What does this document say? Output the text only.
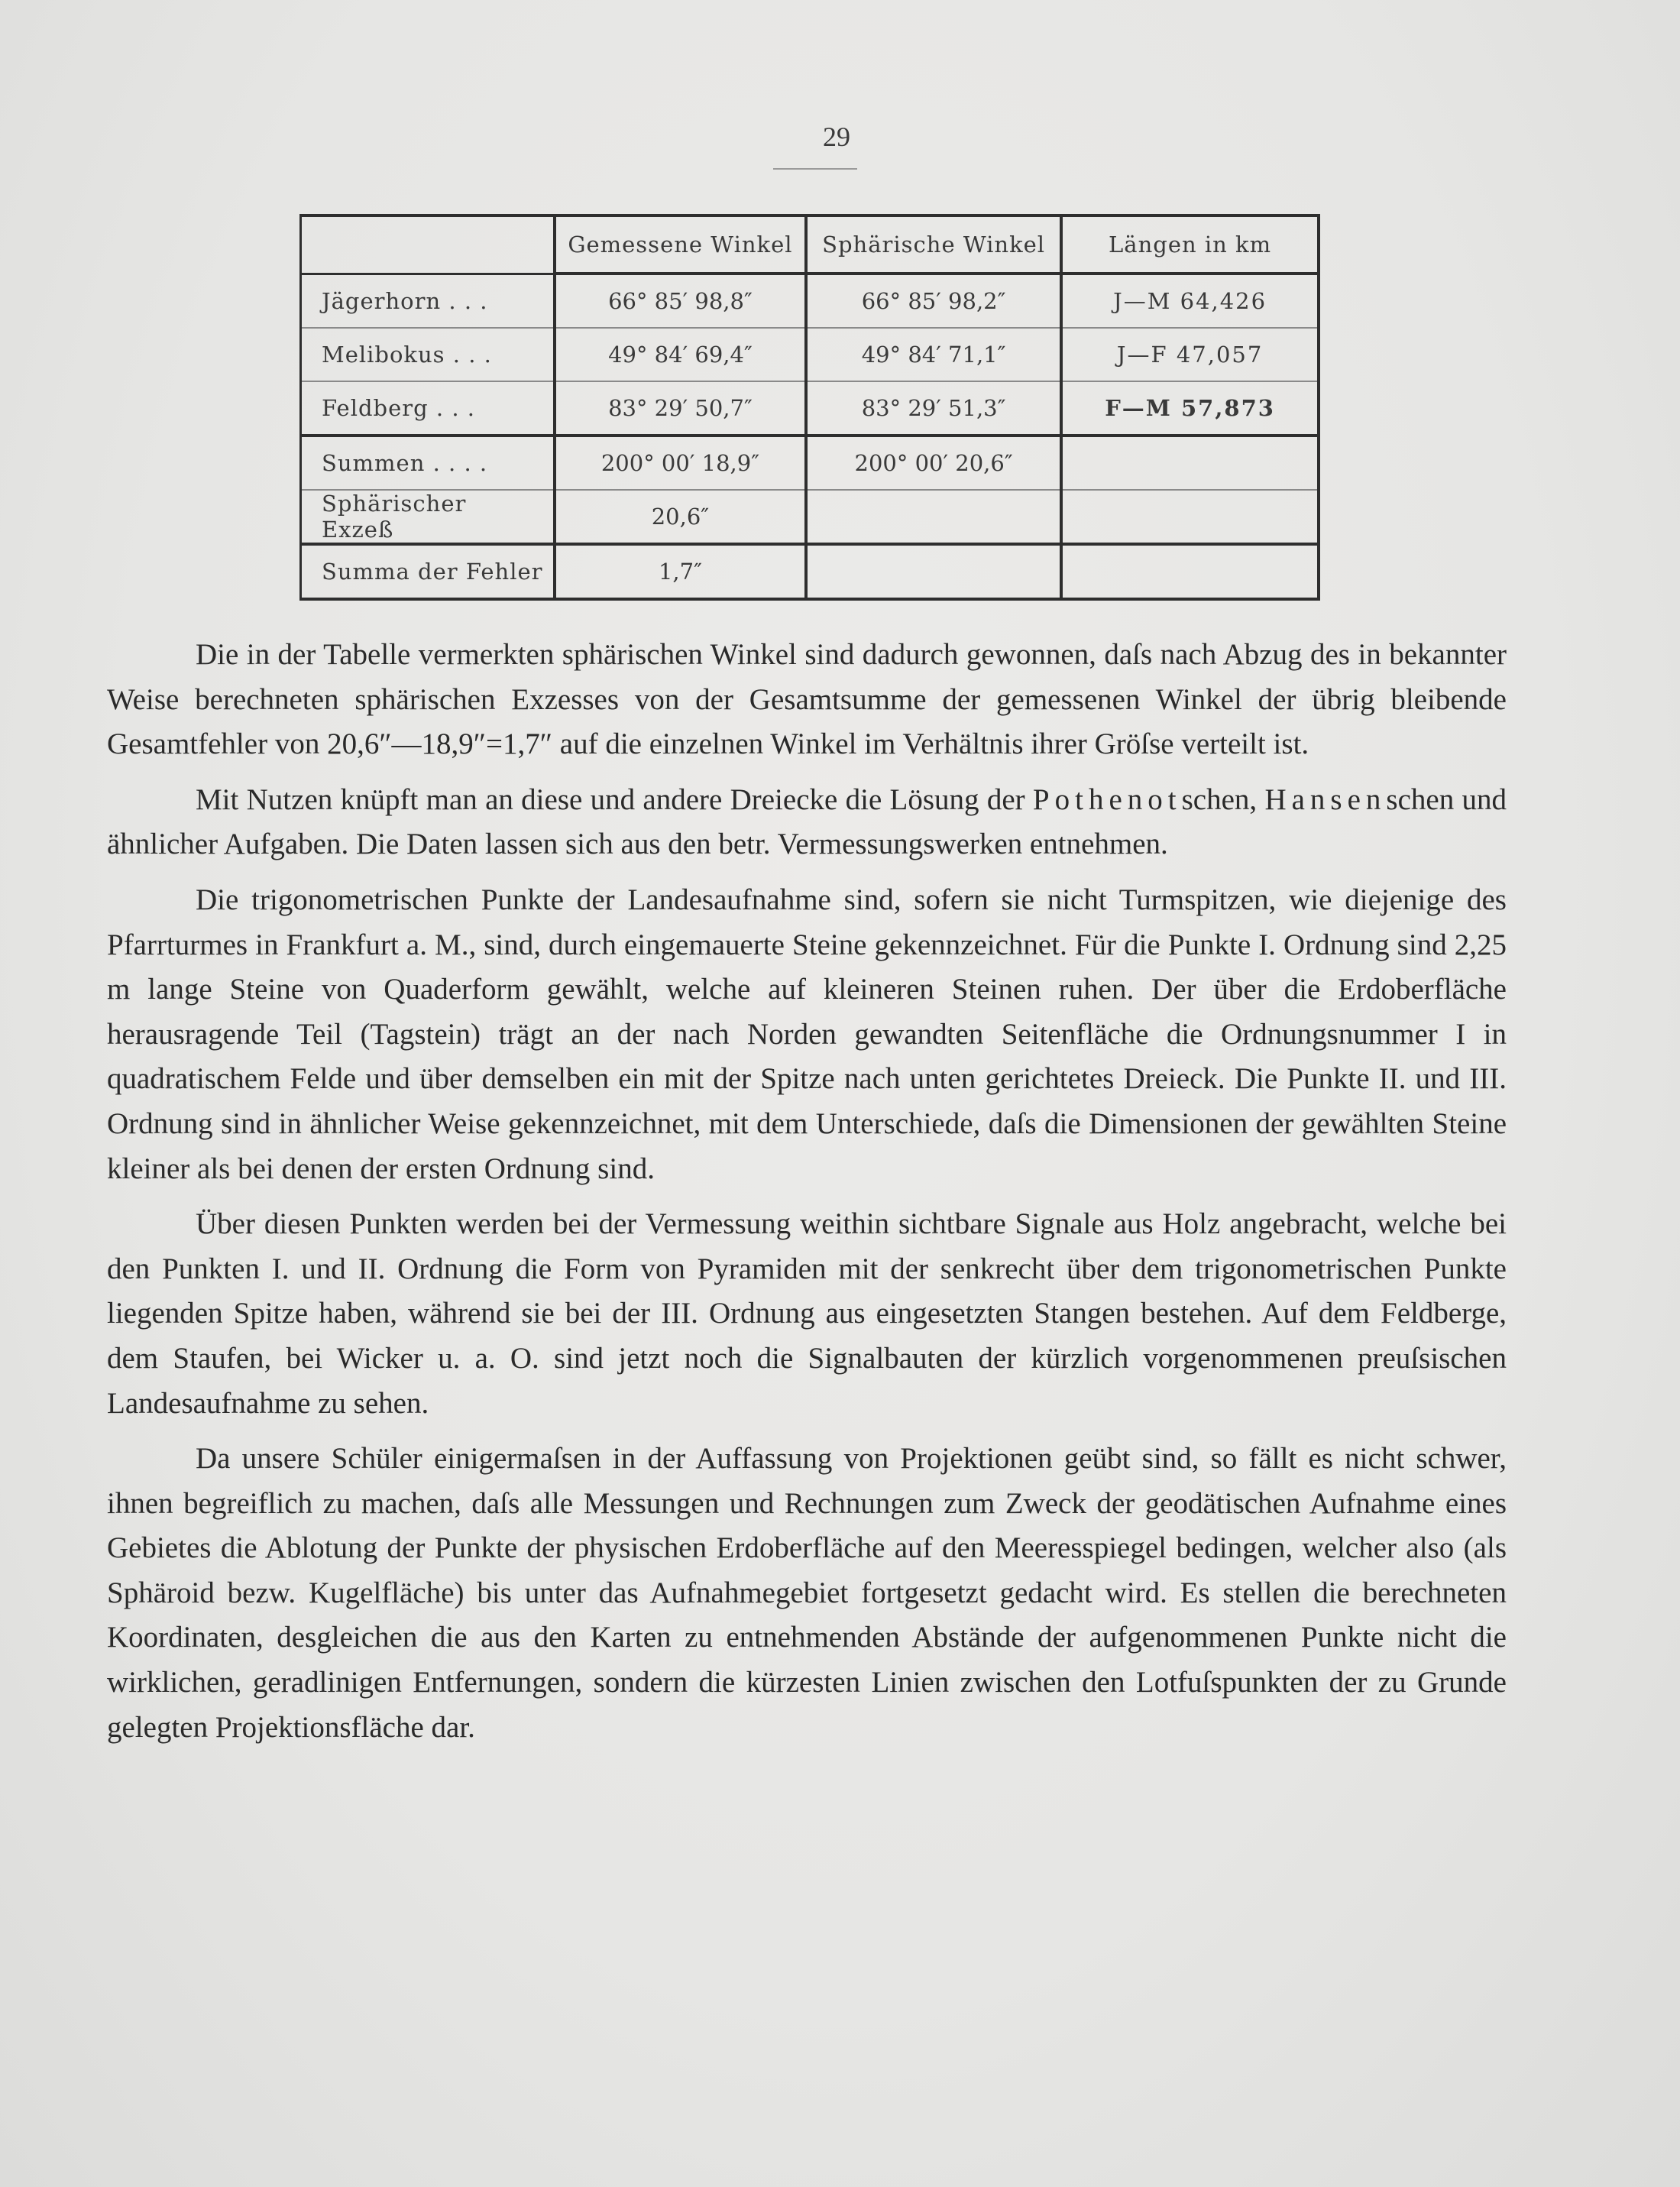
29
	Gemessene Winkel	Sphärische Winkel	Längen in km
Jägerhorn . . .	66° 85′ 98,8″	66° 85′ 98,2″	J—M 64,426
Melibokus . . .	49° 84′ 69,4″	49° 84′ 71,1″	J—F 47,057
Feldberg . . .	83° 29′ 50,7″	83° 29′ 51,3″	F—M 57,873
Summen . . . .	200° 00′ 18,9″	200° 00′ 20,6″	
Sphärischer Exzeß	20,6″		
Summa der Fehler	1,7″		

Die in der Tabelle vermerkten sphärischen Winkel sind dadurch gewonnen, daſs nach Abzug des in bekannter Weise berechneten sphärischen Exzesses von der Gesamtsumme der gemessenen Winkel der übrig bleibende Gesamtfehler von 20,6″—18,9″=1,7″ auf die einzelnen Winkel im Verhältnis ihrer Gröſse verteilt ist.

Mit Nutzen knüpft man an diese und andere Dreiecke die Lösung der Pothenotschen, Hansenschen und ähnlicher Aufgaben. Die Daten lassen sich aus den betr. Vermessungswerken entnehmen.

Die trigonometrischen Punkte der Landesaufnahme sind, sofern sie nicht Turmspitzen, wie diejenige des Pfarrturmes in Frankfurt a. M., sind, durch eingemauerte Steine gekennzeichnet. Für die Punkte I. Ordnung sind 2,25 m lange Steine von Quaderform gewählt, welche auf kleineren Steinen ruhen. Der über die Erdoberfläche herausragende Teil (Tagstein) trägt an der nach Norden gewandten Seitenfläche die Ordnungsnummer I in quadratischem Felde und über demselben ein mit der Spitze nach unten gerichtetes Dreieck. Die Punkte II. und III. Ordnung sind in ähnlicher Weise gekennzeichnet, mit dem Unterschiede, daſs die Dimensionen der gewählten Steine kleiner als bei denen der ersten Ordnung sind.

Über diesen Punkten werden bei der Vermessung weithin sichtbare Signale aus Holz angebracht, welche bei den Punkten I. und II. Ordnung die Form von Pyramiden mit der senkrecht über dem trigonometrischen Punkte liegenden Spitze haben, während sie bei der III. Ordnung aus eingesetzten Stangen bestehen. Auf dem Feldberge, dem Staufen, bei Wicker u. a. O. sind jetzt noch die Signalbauten der kürzlich vorgenommenen preuſsischen Landesaufnahme zu sehen.

Da unsere Schüler einigermaſsen in der Auffassung von Projektionen geübt sind, so fällt es nicht schwer, ihnen begreiflich zu machen, daſs alle Messungen und Rechnungen zum Zweck der geodätischen Aufnahme eines Gebietes die Ablotung der Punkte der physischen Erdoberfläche auf den Meeresspiegel bedingen, welcher also (als Sphäroid bezw. Kugelfläche) bis unter das Aufnahmegebiet fortgesetzt gedacht wird. Es stellen die berechneten Koordinaten, desgleichen die aus den Karten zu entnehmenden Abstände der aufgenommenen Punkte nicht die wirklichen, geradlinigen Entfernungen, sondern die kürzesten Linien zwischen den Lotfuſspunkten der zu Grunde gelegten Projektionsfläche dar.
